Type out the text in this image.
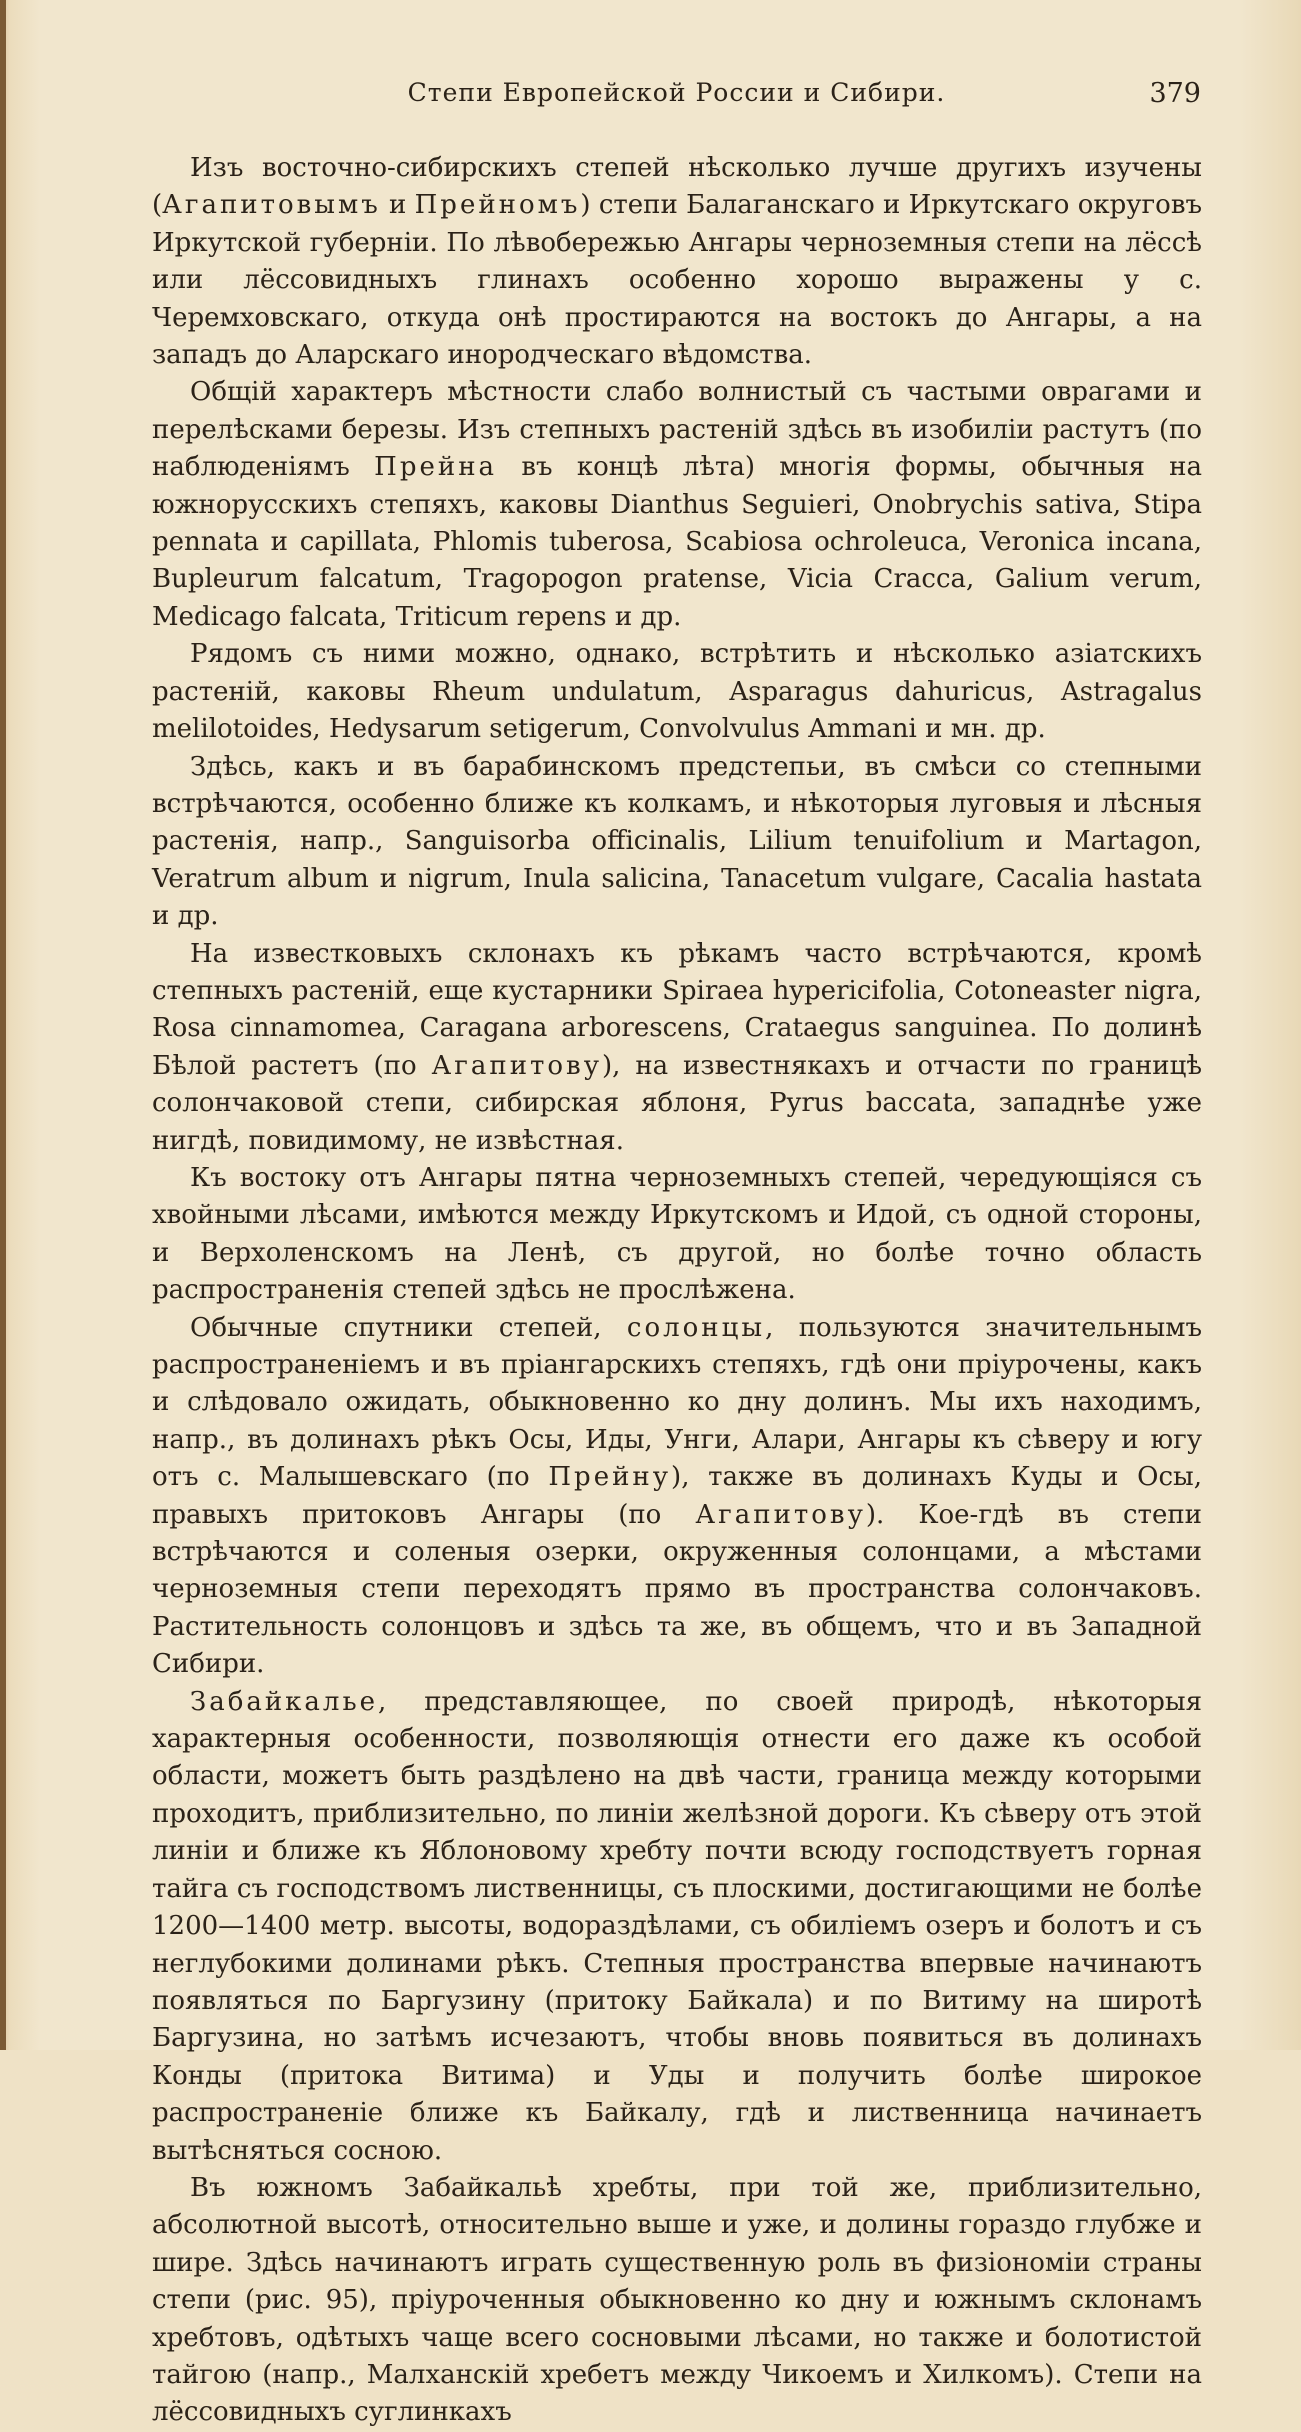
Степи Европейской России и Сибири.	379

Изъ восточно-сибирскихъ степей нѣсколько лучше другихъ изучены (Агапитовымъ и Прейномъ) степи Балаганскаго и Иркутскаго округовъ Иркутской губерніи. По лѣвобережью Ангары черноземныя степи на лёссѣ или лёссовидныхъ глинахъ особенно хорошо выражены у с. Черемховскаго, откуда онѣ простираются на востокъ до Ангары, а на западъ до Аларскаго инородческаго вѣдомства.

Общій характеръ мѣстности слабо волнистый съ частыми оврагами и перелѣсками березы. Изъ степныхъ растеній здѣсь въ изобиліи растутъ (по наблюденіямъ Прейна въ концѣ лѣта) многія формы, обычныя на южнорусскихъ степяхъ, каковы Dianthus Seguieri, Onobrychis sativa, Stipa pennata и capillata, Phlomis tuberosa, Scabiosa ochroleuca, Veronica incana, Bupleurum falcatum, Tragopogon pratense, Vicia Cracca, Galium verum, Medicago falcata, Triticum repens и др.

Рядомъ съ ними можно, однако, встрѣтить и нѣсколько азіатскихъ растеній, каковы Rheum undulatum, Asparagus dahuricus, Astragalus melilotoides, Hedysarum setigerum, Convolvulus Ammani и мн. др.

Здѣсь, какъ и въ барабинскомъ предстепьи, въ смѣси со степными встрѣчаются, особенно ближе къ колкамъ, и нѣкоторыя луговыя и лѣсныя растенія, напр., Sanguisorba officinalis, Lilium tenuifolium и Martagon, Veratrum album и nigrum, Inula salicina, Tanacetum vulgare, Cacalia hastata и др.

На известковыхъ склонахъ къ рѣкамъ часто встрѣчаются, кромѣ степныхъ растеній, еще кустарники Spiraea hypericifolia, Cotoneaster nigra, Rosa cinnamomea, Caragana arborescens, Crataegus sanguinea. По долинѣ Бѣлой растетъ (по Агапитову), на известнякахъ и отчасти по границѣ солончаковой степи, сибирская яблоня, Pyrus baccata, западнѣе уже нигдѣ, повидимому, не извѣстная.

Къ востоку отъ Ангары пятна черноземныхъ степей, чередующіяся съ хвойными лѣсами, имѣются между Иркутскомъ и Идой, съ одной стороны, и Верхоленскомъ на Ленѣ, съ другой, но болѣе точно область распространенія степей здѣсь не прослѣжена.

Обычные спутники степей, солонцы, пользуются значительнымъ распространеніемъ и въ пріангарскихъ степяхъ, гдѣ они пріурочены, какъ и слѣдовало ожидать, обыкновенно ко дну долинъ. Мы ихъ находимъ, напр., въ долинахъ рѣкъ Осы, Иды, Унги, Алари, Ангары къ сѣверу и югу отъ с. Малышевскаго (по Прейну), также въ долинахъ Куды и Осы, правыхъ притоковъ Ангары (по Агапитову). Кое-гдѣ въ степи встрѣчаются и соленыя озерки, окруженныя солонцами, а мѣстами черноземныя степи переходятъ прямо въ пространства солончаковъ. Растительность солонцовъ и здѣсь та же, въ общемъ, что и въ Западной Сибири.

Забайкалье, представляющее, по своей природѣ, нѣкоторыя характерныя особенности, позволяющія отнести его даже къ особой области, можетъ быть раздѣлено на двѣ части, граница между которыми проходитъ, приблизительно, по линіи желѣзной дороги. Къ сѣверу отъ этой линіи и ближе къ Яблоновому хребту почти всюду господствуетъ горная тайга съ господствомъ лиственницы, съ плоскими, достигающими не болѣе 1200—1400 метр. высоты, водораздѣлами, съ обиліемъ озеръ и болотъ и съ неглубокими долинами рѣкъ. Степныя пространства впервые начинаютъ появляться по Баргузину (притоку Байкала) и по Витиму на широтѣ Баргузина, но затѣмъ исчезаютъ, чтобы вновь появиться въ долинахъ Конды (притока Витима) и Уды и получить болѣе широкое распространеніе ближе къ Байкалу, гдѣ и лиственница начинаетъ вытѣсняться сосною.

Въ южномъ Забайкальѣ хребты, при той же, приблизительно, абсолютной высотѣ, относительно выше и уже, и долины гораздо глубже и шире. Здѣсь начинаютъ играть существенную роль въ физіономіи страны степи (рис. 95), пріуроченныя обыкновенно ко дну и южнымъ склонамъ хребтовъ, одѣтыхъ чаще всего сосновыми лѣсами, но также и болотистой тайгою (напр., Малханскій хребетъ между Чикоемъ и Хилкомъ). Степи на лёссовидныхъ суглинкахъ
